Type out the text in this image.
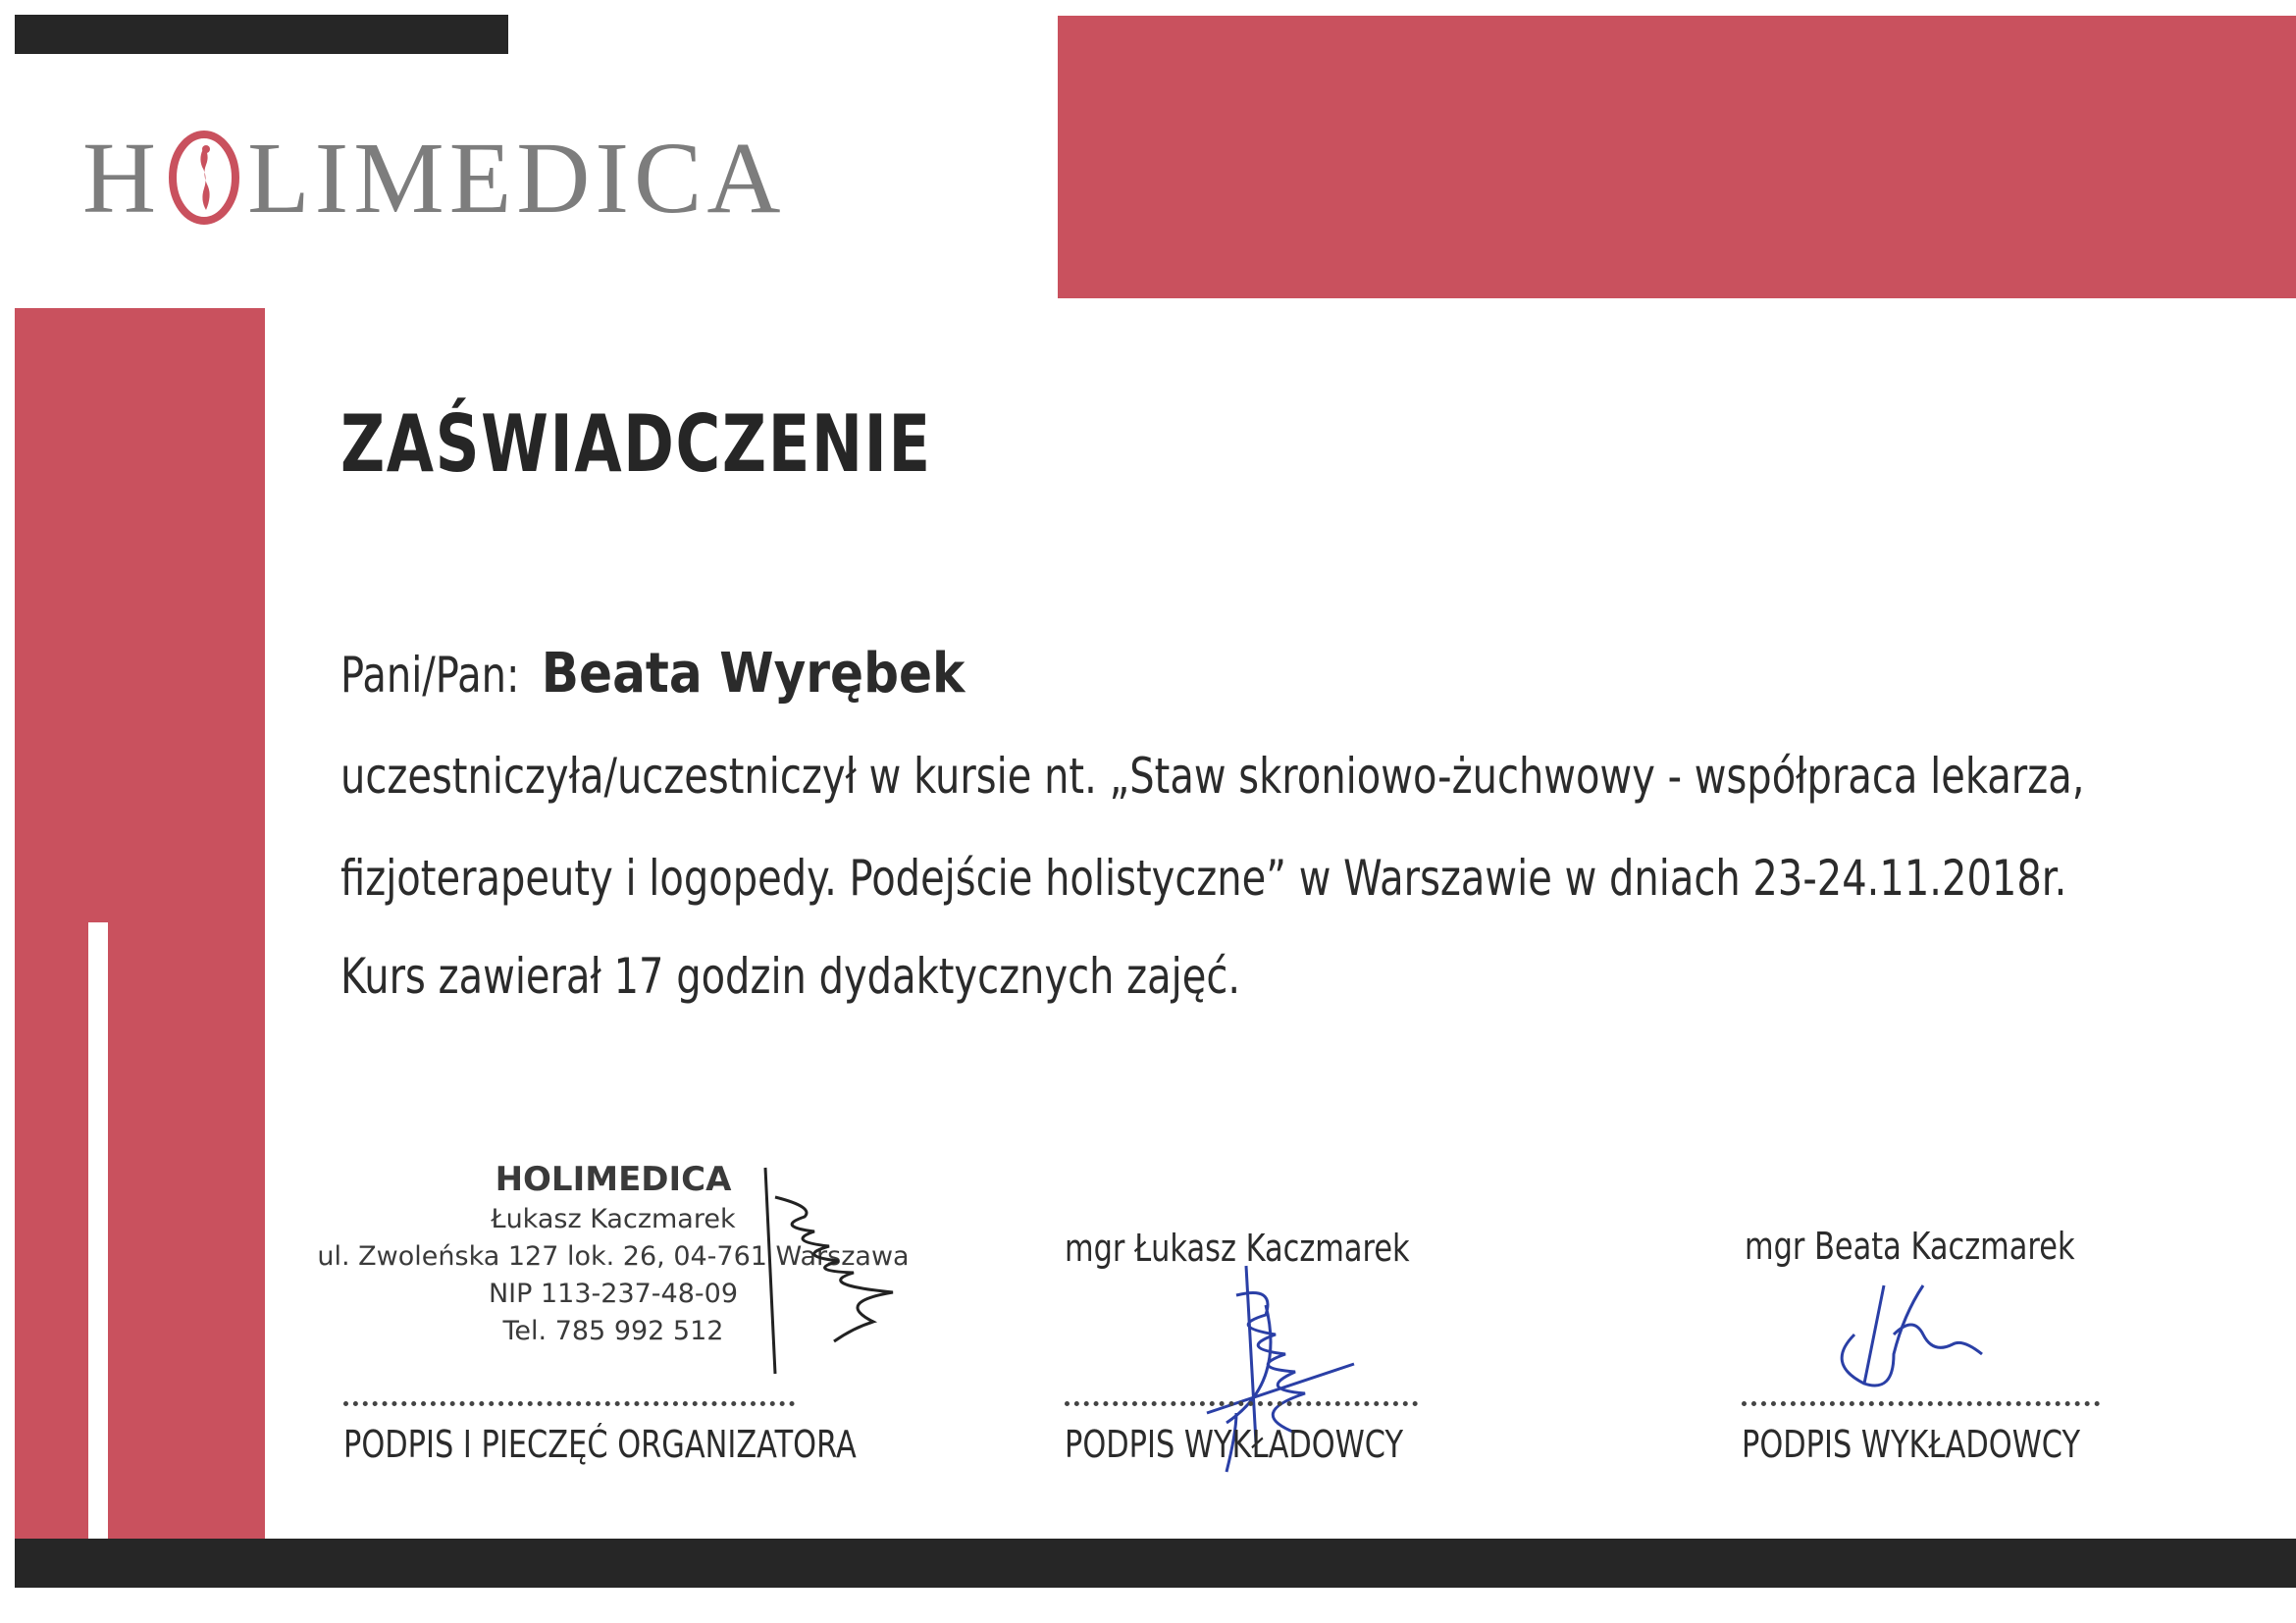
H LIMEDICA
ZAŚWIADCZENIE
Pani/Pan: Beata Wyrębek
uczestniczyła/uczestniczył w kursie nt. „Staw skroniowo-żuchwowy - współpraca lekarza,
fizjoterapeuty i logopedy. Podejście holistyczne” w Warszawie w dniach 23-24.11.2018r.
Kurs zawierał 17 godzin dydaktycznych zajęć.
HOLIMEDICA
Łukasz Kaczmarek
ul. Zwoleńska 127 lok. 26, 04-761 Warszawa
NIP 113-237-48-09
Tel. 785 992 512
mgr Łukasz Kaczmarek	mgr Beata Kaczmarek
PODPIS I PIECZĘĆ ORGANIZATORA	PODPIS WYKŁADOWCY	PODPIS WYKŁADOWCY
